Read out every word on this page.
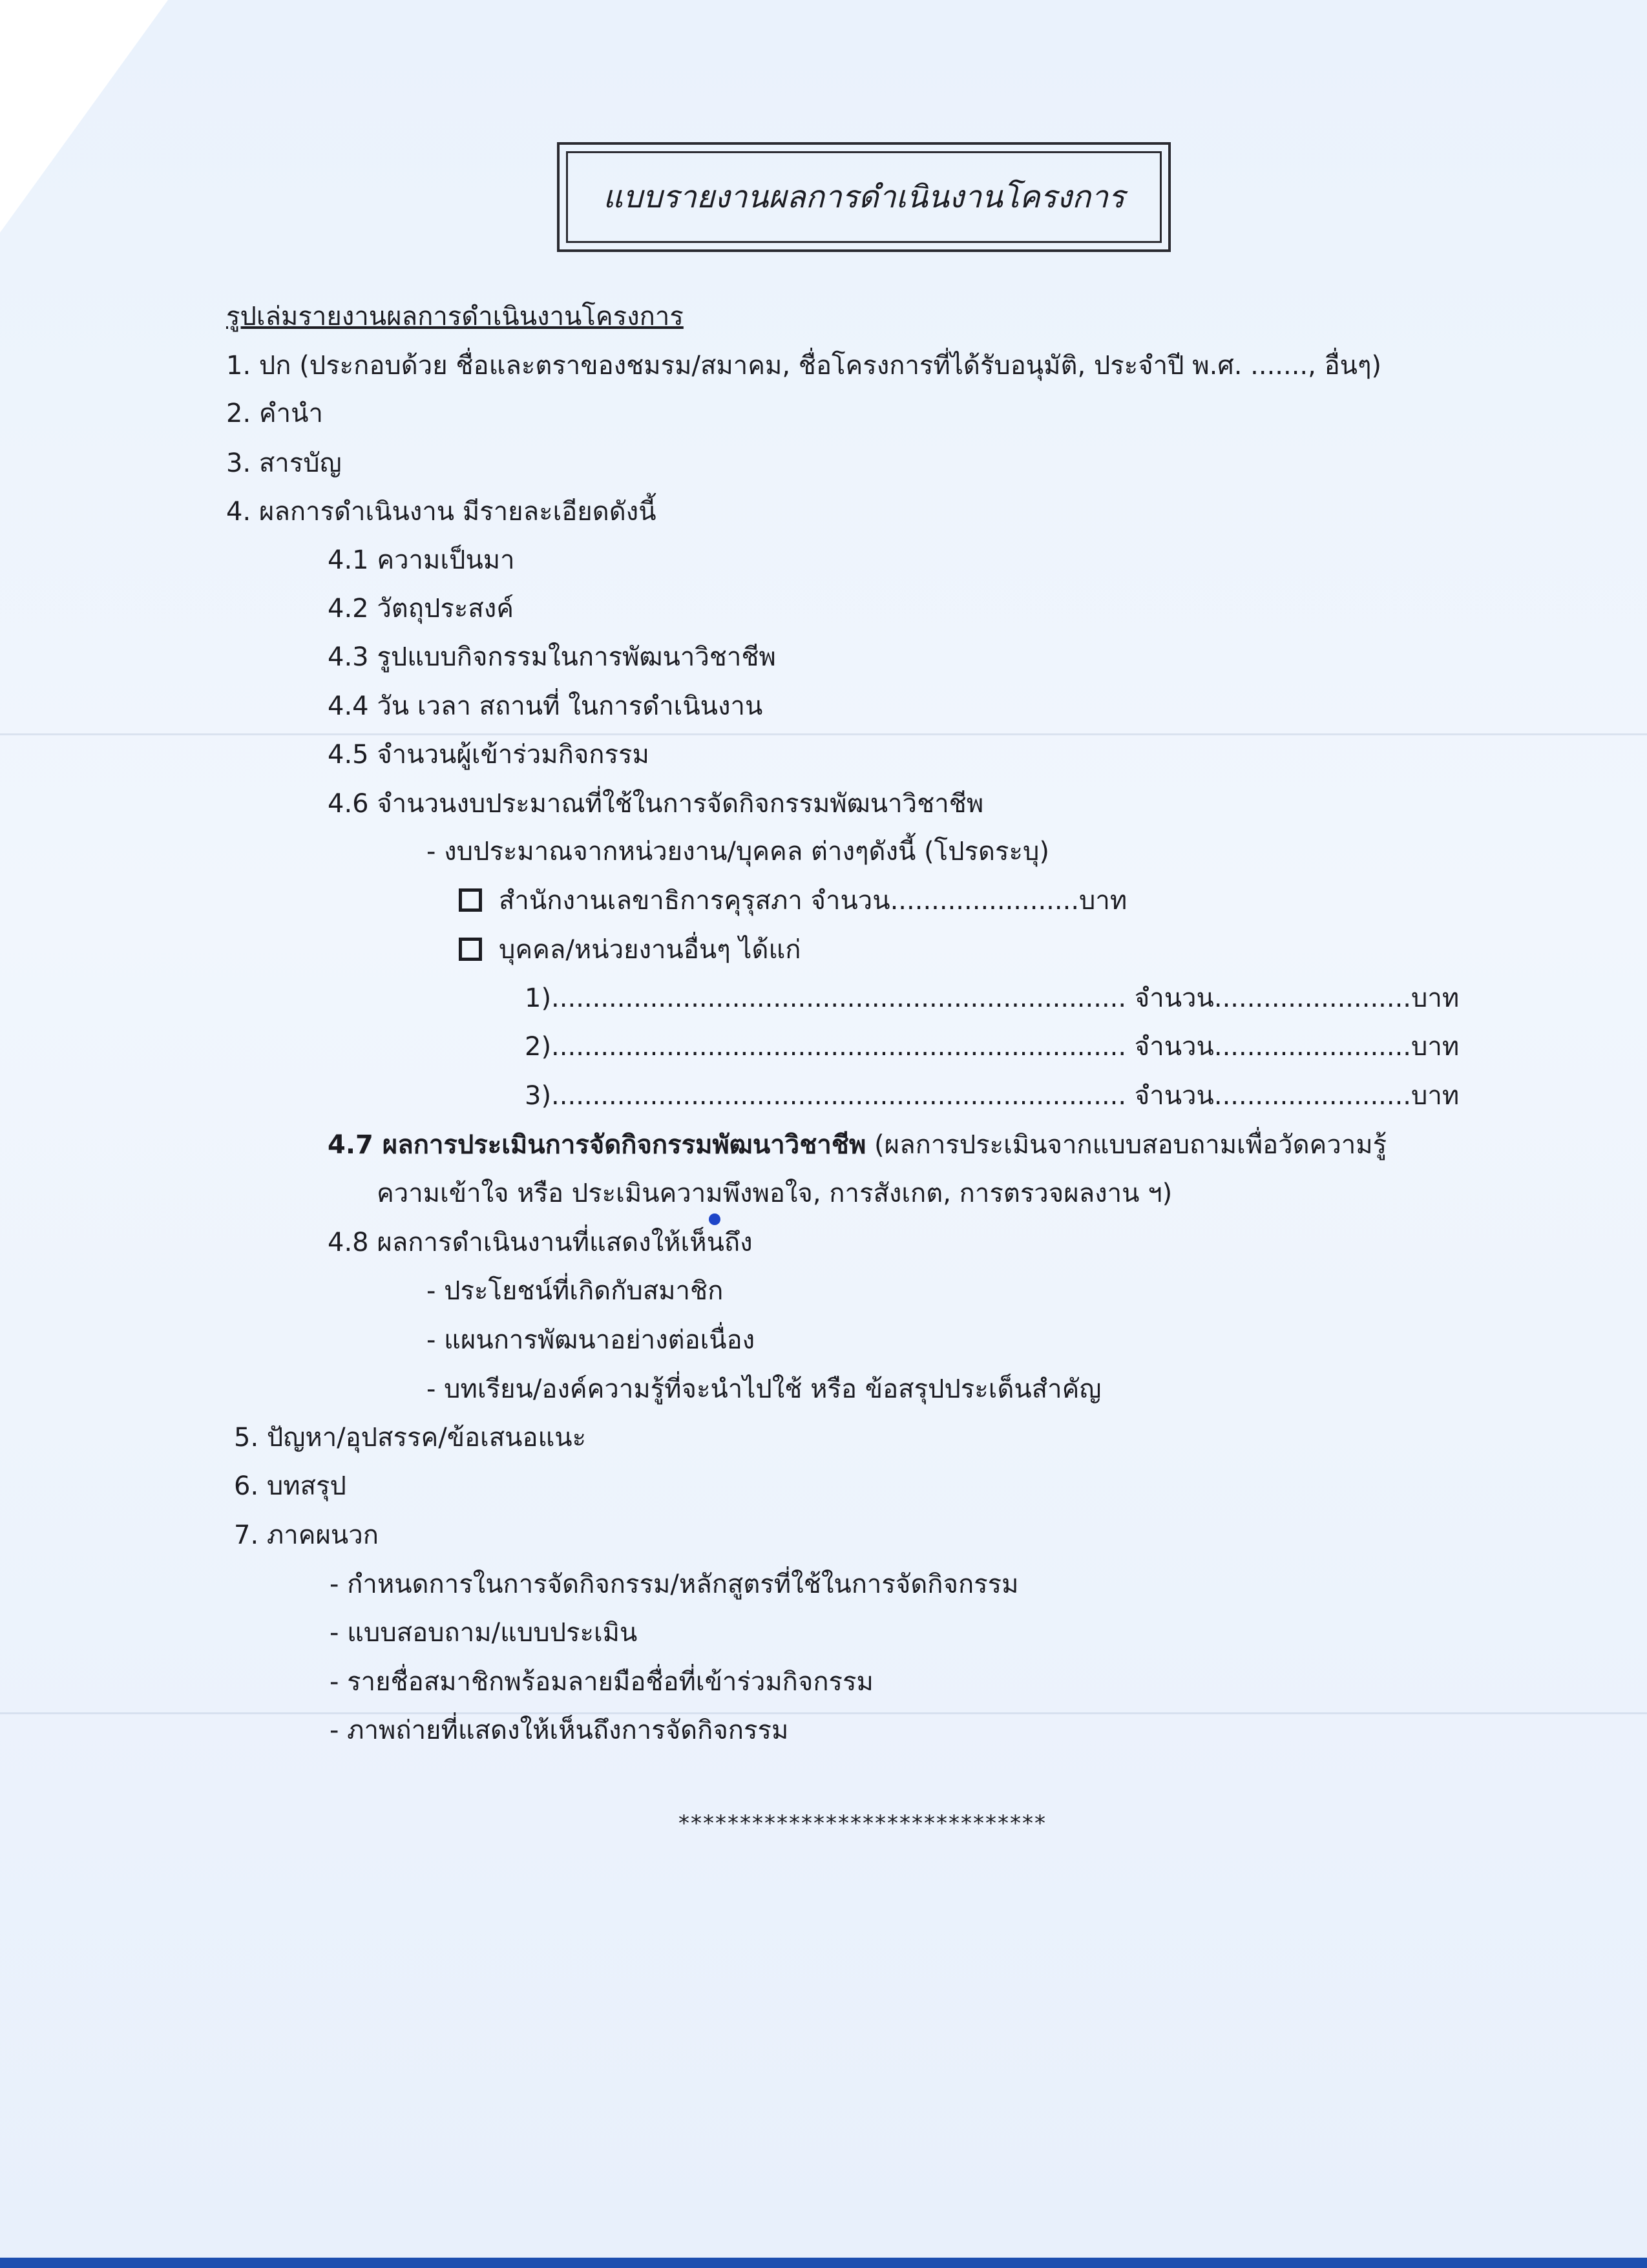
แบบรายงานผลการดำเนินงานโครงการ
รูปเล่มรายงานผลการดำเนินงานโครงการ
1. ปก (ประกอบด้วย ชื่อและตราของชมรม/สมาคม, ชื่อโครงการที่ได้รับอนุมัติ, ประจำปี พ.ศ. ......., อื่นๆ)
2. คำนำ
3. สารบัญ
4. ผลการดำเนินงาน มีรายละเอียดดังนี้
4.1 ความเป็นมา
4.2 วัตถุประสงค์
4.3 รูปแบบกิจกรรมในการพัฒนาวิชาชีพ
4.4 วัน เวลา สถานที่ ในการดำเนินงาน
4.5 จำนวนผู้เข้าร่วมกิจกรรม
4.6 จำนวนงบประมาณที่ใช้ในการจัดกิจกรรมพัฒนาวิชาชีพ
- งบประมาณจากหน่วยงาน/บุคคล ต่างๆดังนี้ (โปรดระบุ)
สำนักงานเลขาธิการคุรุสภา จำนวน.......................บาท
บุคคล/หน่วยงานอื่นๆ ได้แก่
1)...................................................................... จำนวน........................บาท
2)...................................................................... จำนวน........................บาท
3)...................................................................... จำนวน........................บาท
4.7 ผลการประเมินการจัดกิจกรรมพัฒนาวิชาชีพ (ผลการประเมินจากแบบสอบถามเพื่อวัดความรู้
ความเข้าใจ หรือ ประเมินความพึงพอใจ, การสังเกต, การตรวจผลงาน ฯ)
4.8 ผลการดำเนินงานที่แสดงให้เห็นถึง
- ประโยชน์ที่เกิดกับสมาชิก
- แผนการพัฒนาอย่างต่อเนื่อง
- บทเรียน/องค์ความรู้ที่จะนำไปใช้ หรือ ข้อสรุปประเด็นสำคัญ
5. ปัญหา/อุปสรรค/ข้อเสนอแนะ
6. บทสรุป
7. ภาคผนวก
- กำหนดการในการจัดกิจกรรม/หลักสูตรที่ใช้ในการจัดกิจกรรม
- แบบสอบถาม/แบบประเมิน
- รายชื่อสมาชิกพร้อมลายมือชื่อที่เข้าร่วมกิจกรรม
- ภาพถ่ายที่แสดงให้เห็นถึงการจัดกิจกรรม
******************************
